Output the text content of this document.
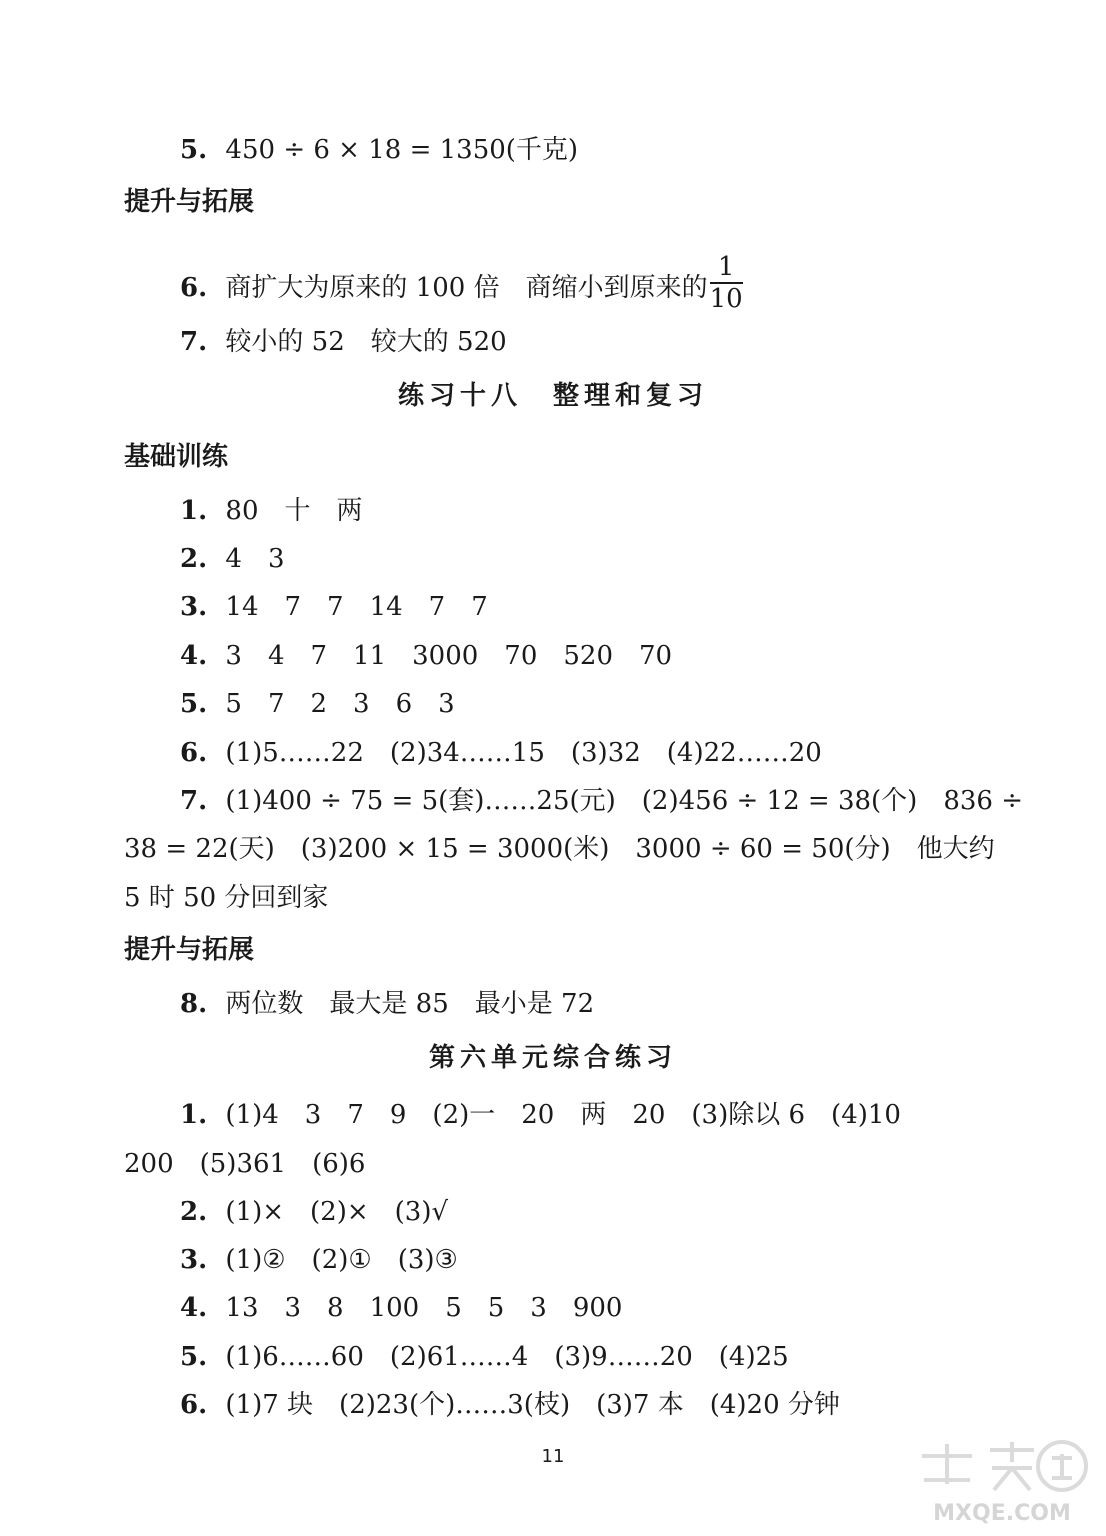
5. 450 ÷ 6 × 18 = 1350(千克)
提升与拓展
6. 商扩大为原来的 100 倍　商缩小到原来的 $\frac{1}{10}$
7. 较小的 52　较大的 520
练习十八　整理和复习
基础训练
1. 80　十　两
2. 4　3
3. 14　7　7　14　7　7
4. 3　4　7　11　3000　70　520　70
5. 5　7　2　3　6　3
6. (1)5……22　(2)34……15　(3)32　(4)22……20
7. (1)400 ÷ 75 = 5(套)……25(元)　(2)456 ÷ 12 = 38(个)　836 ÷
38 = 22(天)　(3)200 × 15 = 3000(米)　3000 ÷ 60 = 50(分)　他大约
5 时 50 分回到家
提升与拓展
8. 两位数　最大是 85　最小是 72
第六单元综合练习
1. (1)4　3　7　9　(2)一　20　两　20　(3)除以 6　(4)10
200　(5)361　(6)6
2. (1)×　(2)×　(3)√
3. (1)②　(2)①　(3)③
4. 13　3　8　100　5　5　3　900
5. (1)6……60　(2)61……4　(3)9……20　(4)25
6. (1)7 块　(2)23(个)……3(枝)　(3)7 本　(4)20 分钟
11
MXQE.COM
